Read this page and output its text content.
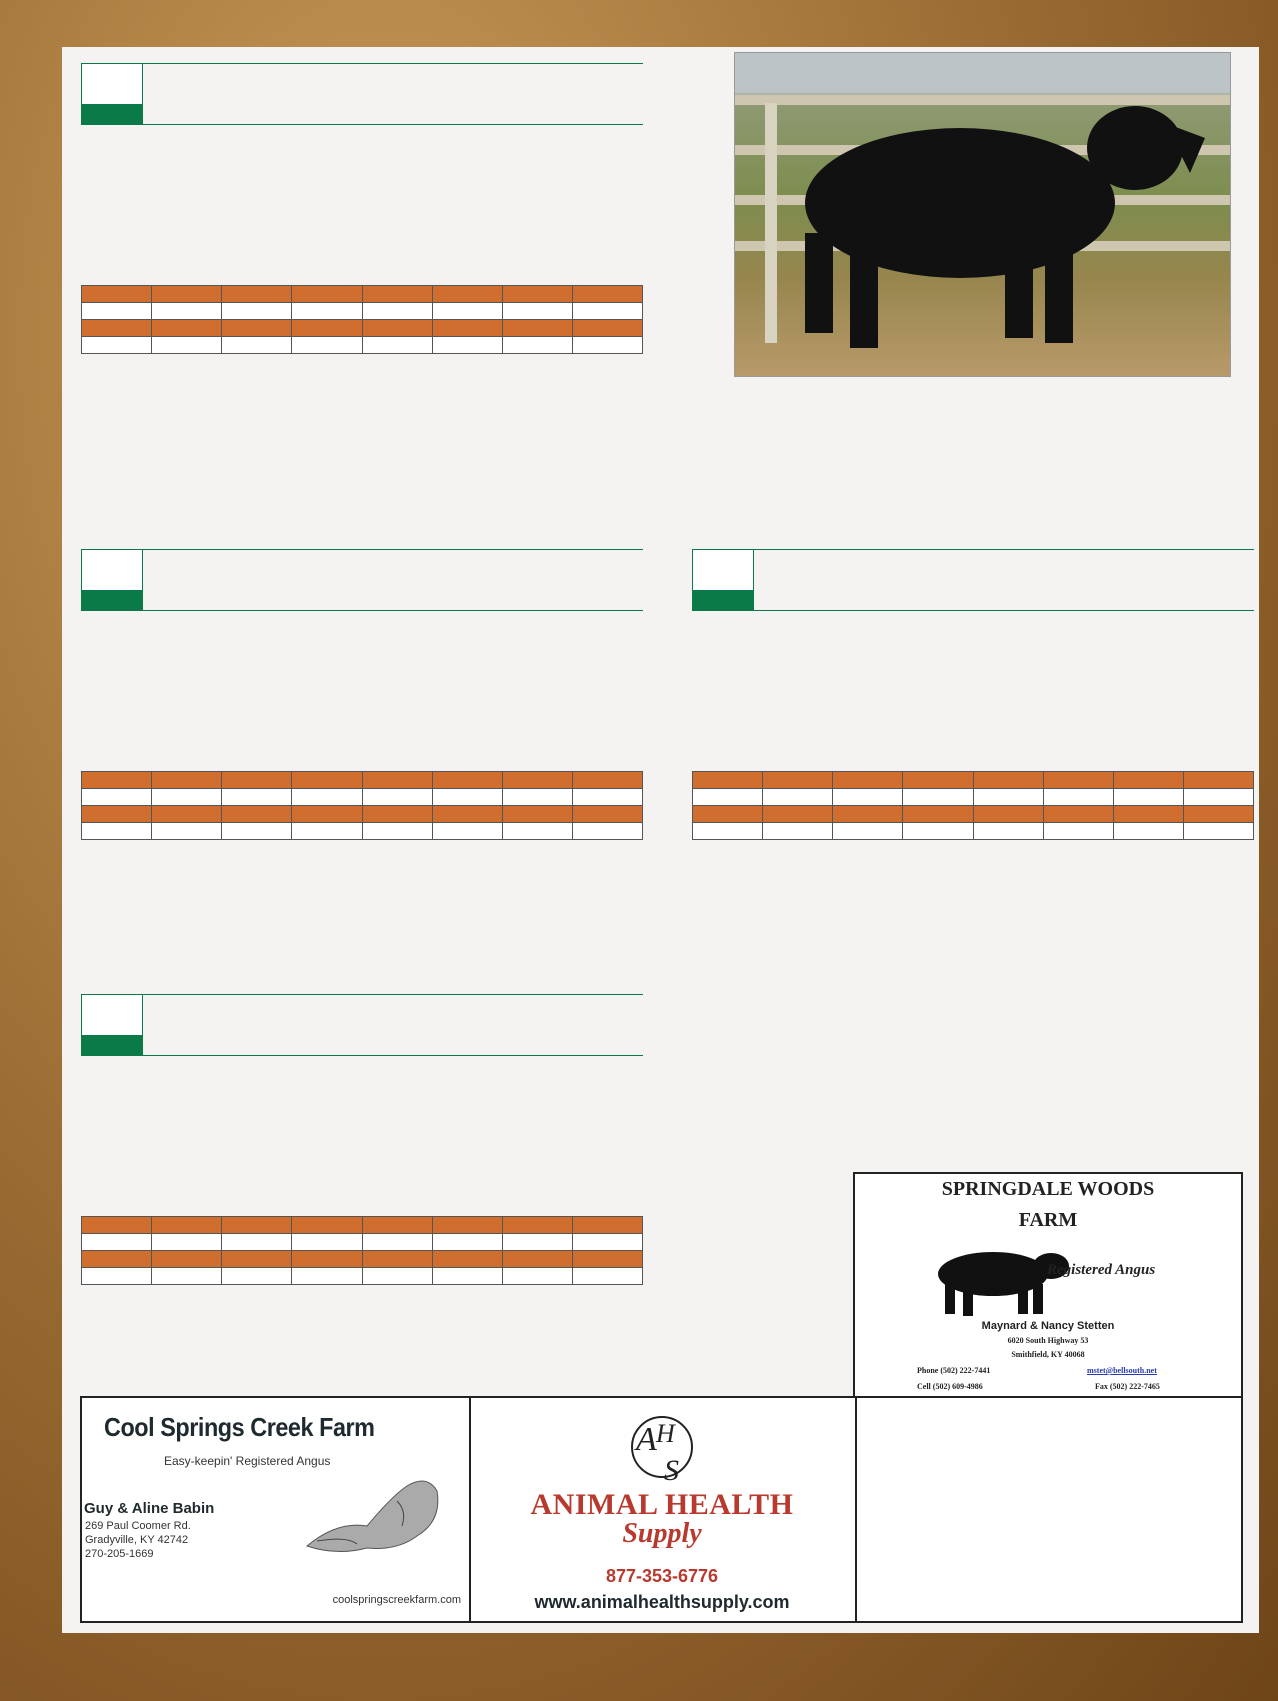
SPRINGDALE WOODS
FARM
Registered Angus
Maynard & Nancy Stetten
6020 South Highway 53
Smithfield, KY 40068
Phone (502) 222-7441	mstet@bellsouth.net
Cell (502) 609-4986	Fax (502) 222-7465
Cool Springs Creek Farm
Easy-keepin' Registered Angus
Guy & Aline Babin
269 Paul Coomer Rd.
Gradyville, KY 42742
270-205-1669
coolspringscreekfarm.com
A H
S
ANIMAL HEALTH
Supply
877-353-6776
www.animalhealthsupply.com
